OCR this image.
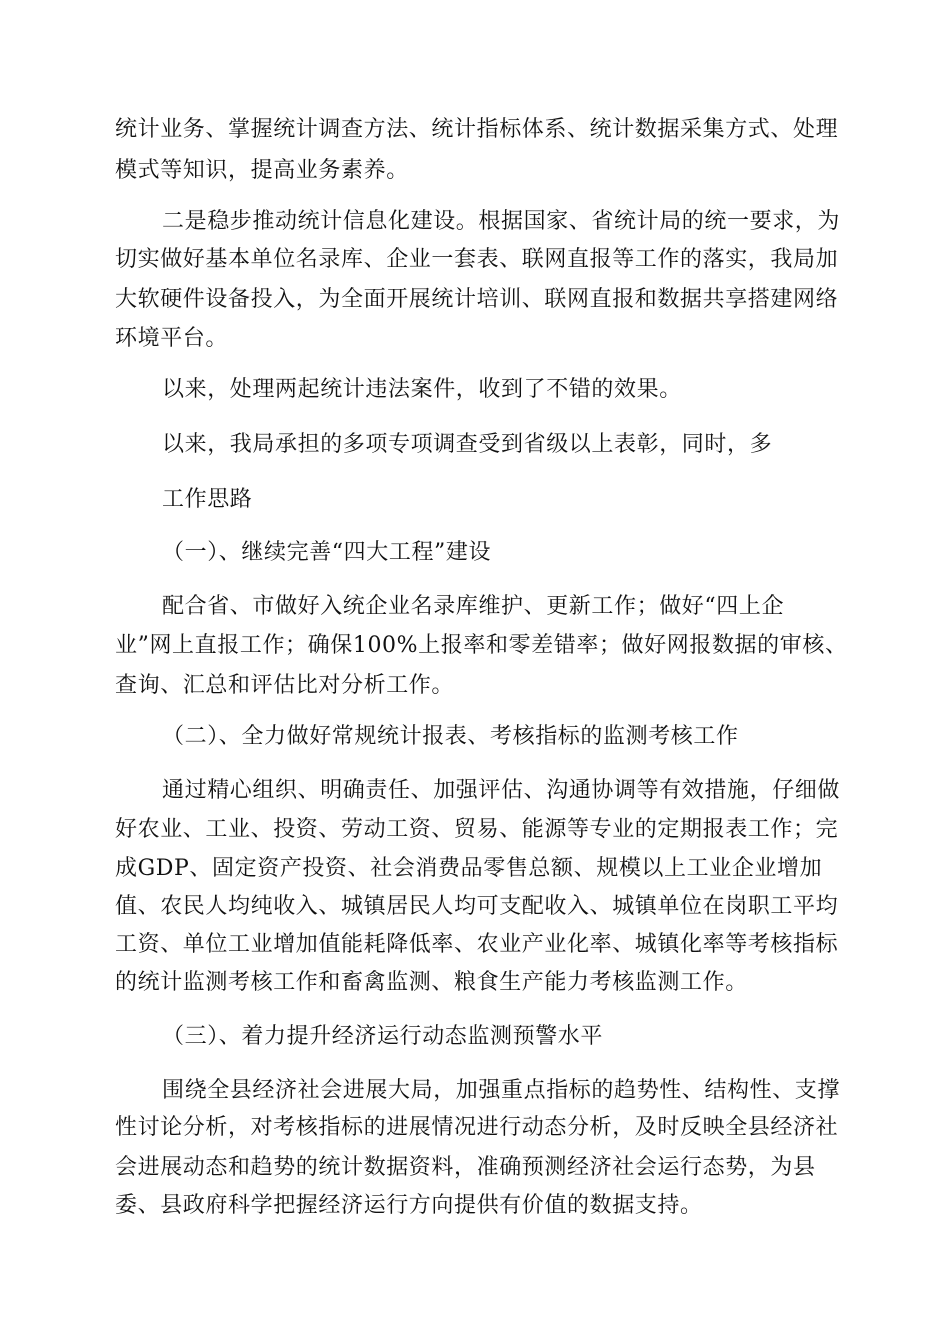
统计业务、掌握统计调查方法、统计指标体系、统计数据采集方式、处理
模式等知识，提高业务素养。
二是稳步推动统计信息化建设。根据国家、省统计局的统一要求，为
切实做好基本单位名录库、企业一套表、联网直报等工作的落实，我局加
大软硬件设备投入，为全面开展统计培训、联网直报和数据共享搭建网络
环境平台。
以来，处理两起统计违法案件，收到了不错的效果。
以来，我局承担的多项专项调查受到省级以上表彰，同时，多
工作思路
（一）、继续完善“四大工程”建设
配合省、市做好入统企业名录库维护、更新工作；做好“四上企
业”网上直报工作；确保100%上报率和零差错率；做好网报数据的审核、
查询、汇总和评估比对分析工作。
（二）、全力做好常规统计报表、考核指标的监测考核工作
通过精心组织、明确责任、加强评估、沟通协调等有效措施，仔细做
好农业、工业、投资、劳动工资、贸易、能源等专业的定期报表工作；完
成GDP、固定资产投资、社会消费品零售总额、规模以上工业企业增加
值、农民人均纯收入、城镇居民人均可支配收入、城镇单位在岗职工平均
工资、单位工业增加值能耗降低率、农业产业化率、城镇化率等考核指标
的统计监测考核工作和畜禽监测、粮食生产能力考核监测工作。
（三）、着力提升经济运行动态监测预警水平
围绕全县经济社会进展大局，加强重点指标的趋势性、结构性、支撑
性讨论分析，对考核指标的进展情况进行动态分析，及时反映全县经济社
会进展动态和趋势的统计数据资料，准确预测经济社会运行态势，为县
委、县政府科学把握经济运行方向提供有价值的数据支持。
